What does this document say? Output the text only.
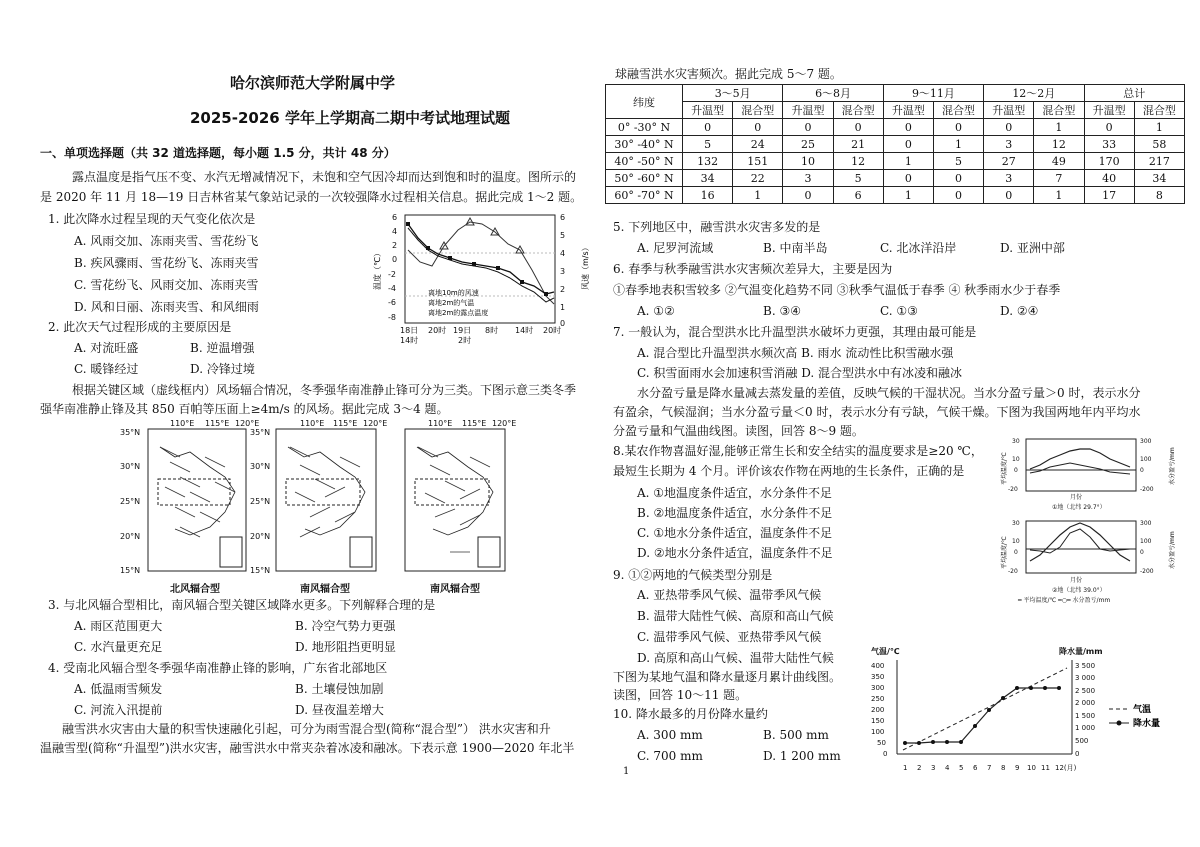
哈尔滨师范大学附属中学
2025-2026 学年上学期高二期中考试地理试题
一、单项选择题（共 32 道选择题，每小题 1.5 分，共计 48 分）
露点温度是指气压不变、水汽无增减情况下，未饱和空气因冷却而达到饱和时的温度。图所示的
是 2020 年 11 月 18—19 日吉林省某气象站记录的一次较强降水过程相关信息。据此完成 1～2 题。
1. 此次降水过程呈现的天气变化依次是
A. 风雨交加、冻雨夹雪、雪花纷飞
B. 疾风骤雨、雪花纷飞、冻雨夹雪
C. 雪花纷飞、风雨交加、冻雨夹雪
D. 风和日丽、冻雨夹雪、和风细雨
2. 此次天气过程形成的主要原因是
A. 对流旺盛	B. 逆温增强
C. 暖锋经过	D. 冷锋过境
6
4
2
0
-2
-4
-6
-8
6
5
4
3
2
1
0
18日 20时 19日 8时 14时 20时
14时	2时
温度（℃）	风速（m/s）
离地10m的风速
离地2m的气温
离地2m的露点温度
根据关键区域（虚线框内）风场辐合情况，冬季强华南准静止锋可分为三类。下图示意三类冬季
强华南准静止锋及其 850 百帕等压面上≥4m/s 的风场。据此完成 3～4 题。
110°E 115°E 120°E	110°E 115°E 120°E	110°E 115°E 120°E
35°N
30°N
25°N
20°N
15°N
35°N
30°N
25°N
20°N
15°N
北风辐合型	南风辐合型	南风辐合型
3. 与北风辐合型相比，南风辐合型关键区域降水更多。下列解释合理的是
A. 雨区范围更大	B. 冷空气势力更强
C. 水汽量更充足	D. 地形阻挡更明显
4. 受南北风辐合型冬季强华南准静止锋的影响，广东省北部地区
A. 低温雨雪频发	B. 土壤侵蚀加剧
C. 河流入汛提前	D. 昼夜温差增大
融雪洪水灾害由大量的积雪快速融化引起，可分为雨雪混合型(简称“混合型”） 洪水灾害和升
温融雪型(简称“升温型”)洪水灾害，融雪洪水中常夹杂着冰凌和融冰。下表示意 1900—2020 年北半
球融雪洪水灾害频次。据此完成 5～7 题。
纬度	3～5月		6～8月		9～11月		12～2月		总计	
	升温型	混合型	升温型	混合型	升温型	混合型	升温型	混合型	升温型	混合型
0° -30° N	0	0	0	0	0	0	0	1	0	1
30° -40° N	5	24	25	21	0	1	3	12	33	58
40° -50° N	132	151	10	12	1	5	27	49	170	217
50° -60° N	34	22	3	5	0	0	3	7	40	34
60° -70° N	16	1	0	6	1	0	0	1	17	8
5. 下列地区中，融雪洪水灾害多发的是
A. 尼罗河流域	B. 中南半岛	C. 北冰洋沿岸	D. 亚洲中部
6. 春季与秋季融雪洪水灾害频次差异大，主要是因为
①春季地表积雪较多 ②气温变化趋势不同 ③秋季气温低于春季 ④ 秋季雨水少于春季
A. ①②	B. ③④	C. ①③	D. ②④
7. 一般认为，混合型洪水比升温型洪水破坏力更强，其理由最可能是
A. 混合型比升温型洪水频次高 B. 雨水 流动性比积雪融水强
C. 积雪面雨水会加速积雪消融 D. 混合型洪水中有冰凌和融冰
水分盈亏量是降水量减去蒸发量的差值，反映气候的干湿状况。当水分盈亏量＞0 时，表示水分
有盈余，气候湿润；当水分盈亏量＜0 时，表示水分有亏缺，气候干燥。下图为我国两地年内平均水
分盈亏量和气温曲线图。读图，回答 8～9 题。
8.某农作物喜温好湿,能够正常生长和安全结实的温度要求是≥20 ℃，
最短生长期为 4 个月。评价该农作物在两地的生长条件，正确的是
A. ①地温度条件适宜，水分条件不足
B. ②地温度条件适宜，水分条件不足
C. ①地水分条件适宜，温度条件不足
D. ②地水分条件适宜，温度条件不足
9. ①②两地的气候类型分别是
A. 亚热带季风气候、温带季风气候
B. 温带大陆性气候、高原和高山气候
C. 温带季风气候、亚热带季风气候
D. 高原和高山气候、温带大陆性气候
30
10
0
-20
300
100
0
-200
月份
①地（北纬 29.7°）
30
10
0
-20
300
100
0
-200
月份
②地（北纬 39.0°）
━ 平均温度/℃ ━○━ 水分盈亏/mm
平均温度/℃	水分盈亏/mm
平均温度/℃	水分盈亏/mm
下图为某地气温和降水量逐月累计曲线图。
读图，回答 10～11 题。
10. 降水最多的月份降水量约
A. 300 mm	B. 500 mm
C. 700 mm	D. 1 200 mm
气温/℃	降水量/mm
400
350
300
250
200
150
100
50
0
3 500
3 000
2 500
2 000
1 500
1 000
500
0
1 2 3 4 5 6 7 8 9 10 11 12(月)
气温
降水量
1
